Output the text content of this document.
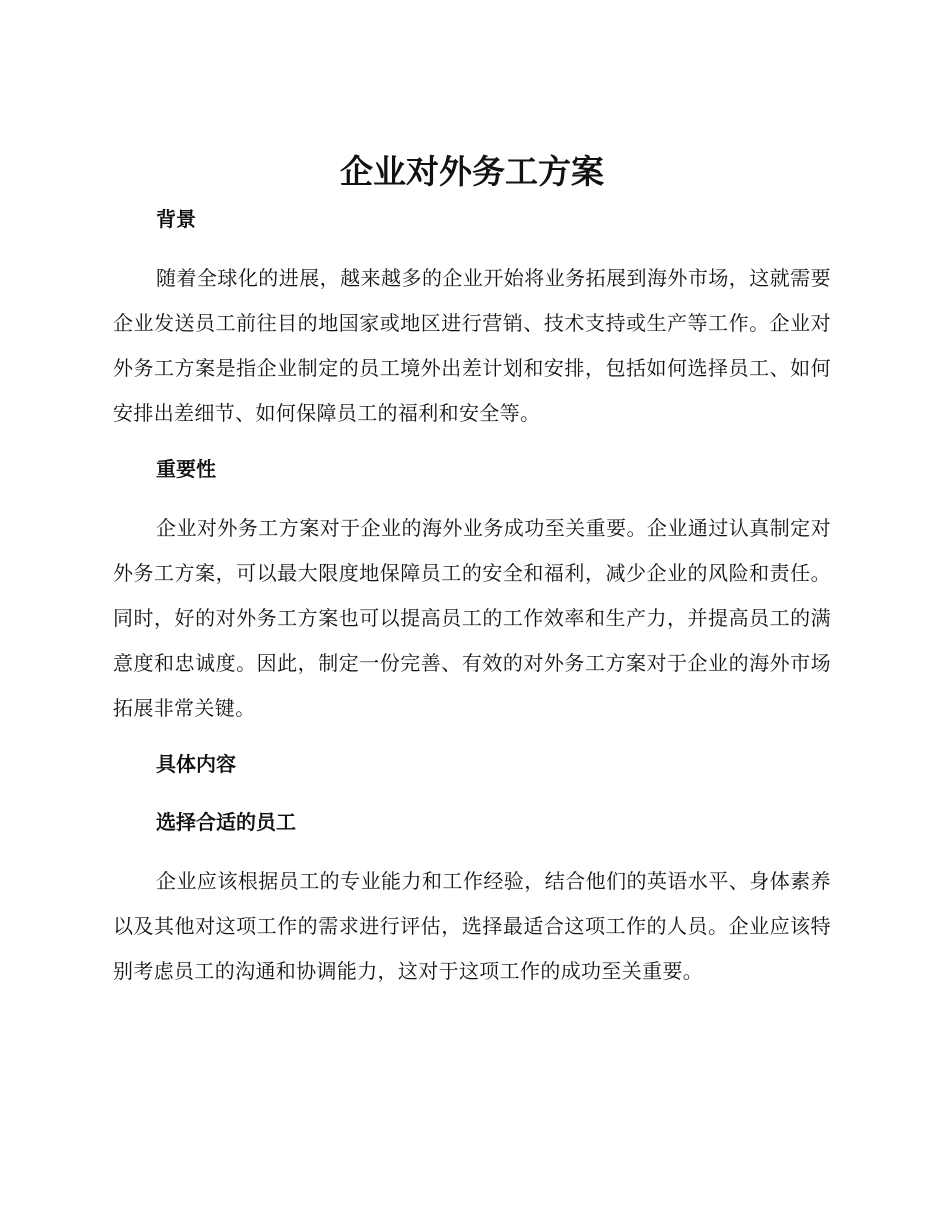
企业对外务工方案
背景

随着全球化的进展，越来越多的企业开始将业务拓展到海外市场，这就需要企业发送员工前往目的地国家或地区进行营销、技术支持或生产等工作。企业对外务工方案是指企业制定的员工境外出差计划和安排，包括如何选择员工、如何安排出差细节、如何保障员工的福利和安全等。

重要性

企业对外务工方案对于企业的海外业务成功至关重要。企业通过认真制定对外务工方案，可以最大限度地保障员工的安全和福利，减少企业的风险和责任。同时，好的对外务工方案也可以提高员工的工作效率和生产力，并提高员工的满意度和忠诚度。因此，制定一份完善、有效的对外务工方案对于企业的海外市场拓展非常关键。

具体内容
选择合适的员工

企业应该根据员工的专业能力和工作经验，结合他们的英语水平、身体素养以及其他对这项工作的需求进行评估，选择最适合这项工作的人员。企业应该特别考虑员工的沟通和协调能力，这对于这项工作的成功至关重要。
